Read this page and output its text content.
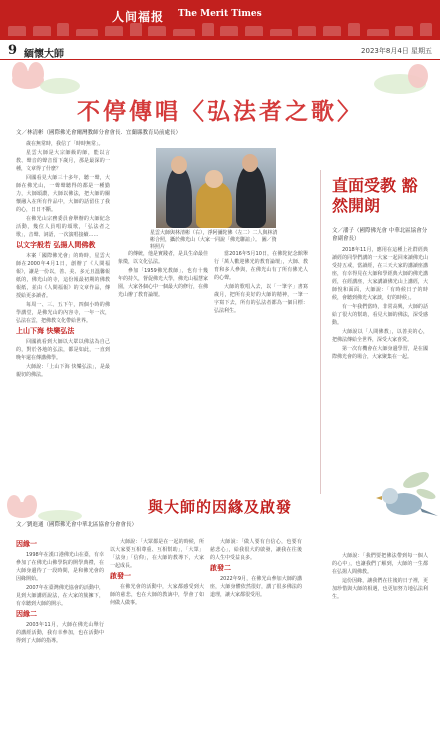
人间福报 The Merit Times
9 緬懷大師	2023年8月4日 星期五
不停傳唱〈弘法者之歌〉
文／林清彬（國際佛光會爾灣教師分會會長．宜蘭縣教育局前處長）

歲在無常時，我信了「時時無常」。

星雲大師是大宗師級的師，能以言教、聲音的聲音留下歲月，那是最深的一種，文章得了什麼？

回國看見大師三十多年，聽一聲，大師在佛光山，一聲聲聽得的都是一種勤力，大師頌讚，大師以佛法，把大師的關懷融入在所有作品中，大師的話留住了我的心，日日不斷。

在佛光山宗務委員會舉辦的大師紀念活動，幾位人員唱的頌歌，「弘法者之歌」，音聲、詞語，一次演唱接續……

以文字般若 弘揚人間佛教

本案「國際佛光會」的時時，星雲大師在2000年4月1日，創辦了《人間福報》，讓是一份以，善、美、多元且溫馨報紙的，佛光山的寺，這份報最初期的佛教報紙，並由《人間福報》的文章作品，傳授給更多讀者。

每周一、三、五下午，四個小時的佛學講堂，是佛光山的內容寺，一年一次，弘法在雲，把佛教文化帶給世界。

上山下海 快樂弘法

回國就看到大師以大眾以佛法為自己的，對於各地的弘法，都是如此，一直到晚年還在傳講佛學。

大師說：「上山下海 快樂弘法」，是最親切的佛法。

星雲大師與林清彬（右），淨阿彌陀佛（左二）二人與林清彬合照，攝於佛光山（大家一同說「佛光聯誼」）。 圖／資料照片

的傳統，他是實踐者，是具生命最佳象徵，以文化弘法。

參加「1959佛光教師」，也有十幾年的持久，督促佛光大學，佛光山福慧家園，大家各個心中一個最大的修行，在佛光山辦了教育論壇。

當2016年5月10日，在佛陀紀念館舉行「萬人歡迎佛光的教育論壇」，大師、教育和多人參與，在佛光山有了所有佛光人的心聲。

大師的歌唱入去，以「一筆字」書寫歲月，把所有美好的大師的精神，一筆一字寫下去，所有的弘法者都為一個目標：弘法利生。

直面受教 豁然開朗
文／潘子（國際佛光會 中華北區協會分會副會長）

2018年11月，應用在這種上社群經典讀經的同學們講的一大家一起回來讀佛光山受持五戒，當讀經，在三天大家的講讀座講座，有幸得見在大師和學經典大師的佛光講經，在經講座，大家講讀佛光山上講經，大師悅和面面，大師說：「有時候日子的時候，會聽到佛光大家談，好的時候」。

有一年我們當時，非常高興，大師的話給了很大的幫助，看見大師的佛法，深受感動。

大師說以「人間佛教」，以善美的心，把佛法傳給全世界，深受大家喜愛。

第一次有機會在大師身邊學習，是在國際佛光會的場合，大家聚集在一起。

與大師的因緣及啟發
文／劉進通（國際佛光會中華北區協會分會會長）

因緣一

1998年在漢口港佛光山在臺，有幸參加了在佛光山佛學院的開學典禮，在大師身邊待了一段時間，是和佛光會的因緣開始。

2007年在臺灣佛光協會的活動中，見到大師講經說法，在大家的簇擁下，有幸聽到大師的開示。

因緣二

2003年11月，大師在佛光山舉行的講經活動，我有幸參加，也在活動中得到了大師的指導。

大師說：「大眾都是在一起的時候，所以大家要互相尊重、互相幫助」，「大眾」「法身」「信仰」，在大師的教導下，大家一起成長。

啟發一

在佛光會的活動中，大家都感受到大師的慈悲，也在大師的教誨中，學會了如何做人做事。

大師說：「做人要有自信心，也要有慈悲心」，給我很大的啟發，讓我在往後的人生中受益良多。

啟發二

2022年9月，在佛光山參加大師的講座，大師身體依然很好，講了很多佛法的道理，讓大家都很受用。

大師說：「我們要把佛法帶到每一個人的心中」，也讓我們了解到，大師的一生都在弘揚人間佛教。

這份因緣，讓我們在往後的日子裡，更加珍惜與大師的相遇，也更加努力地弘法利生。
